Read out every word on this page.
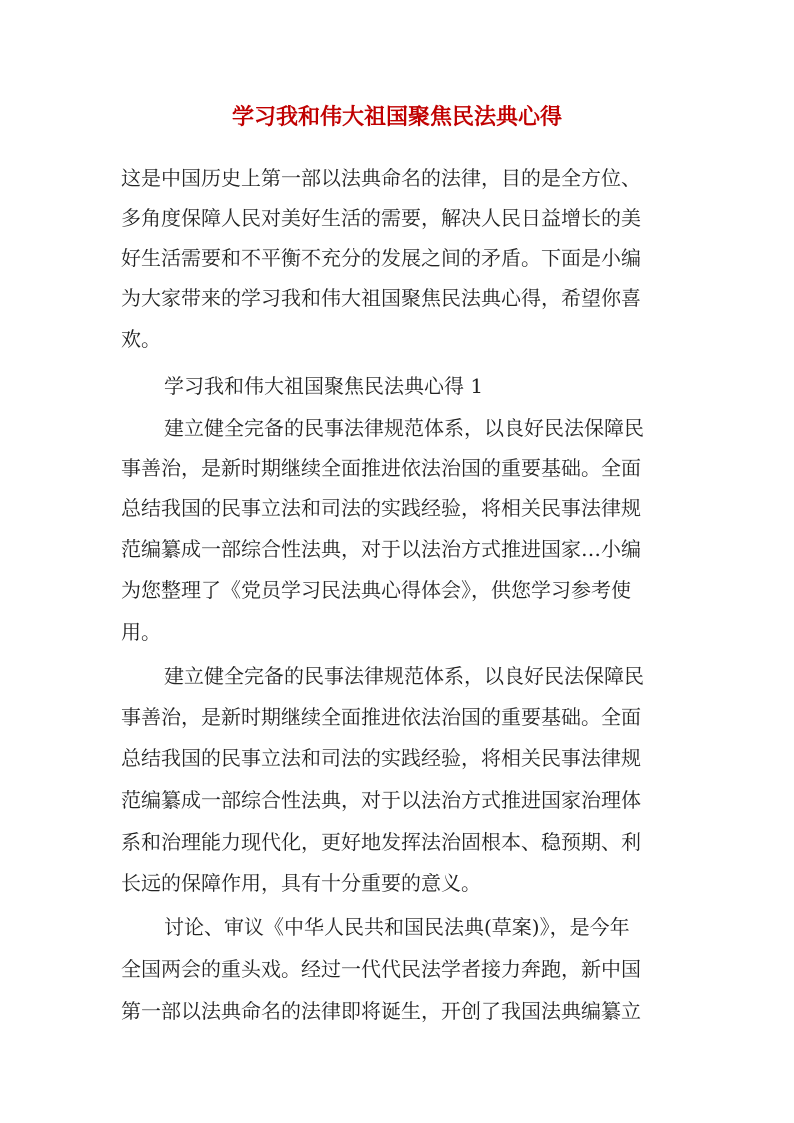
学习我和伟大祖国聚焦民法典心得
这是中国历史上第一部以法典命名的法律，目的是全方位、
多角度保障人民对美好生活的需要，解决人民日益增长的美
好生活需要和不平衡不充分的发展之间的矛盾。下面是小编
为大家带来的学习我和伟大祖国聚焦民法典心得，希望你喜
欢。
学习我和伟大祖国聚焦民法典心得 1
建立健全完备的民事法律规范体系，以良好民法保障民
事善治，是新时期继续全面推进依法治国的重要基础。全面
总结我国的民事立法和司法的实践经验，将相关民事法律规
范编纂成一部综合性法典，对于以法治方式推进国家…小编
为您整理了《党员学习民法典心得体会》，供您学习参考使
用。
建立健全完备的民事法律规范体系，以良好民法保障民
事善治，是新时期继续全面推进依法治国的重要基础。全面
总结我国的民事立法和司法的实践经验，将相关民事法律规
范编纂成一部综合性法典，对于以法治方式推进国家治理体
系和治理能力现代化，更好地发挥法治固根本、稳预期、利
长远的保障作用，具有十分重要的意义。
讨论、审议《中华人民共和国民法典(草案)》，是今年
全国两会的重头戏。经过一代代民法学者接力奔跑，新中国
第一部以法典命名的法律即将诞生，开创了我国法典编纂立
